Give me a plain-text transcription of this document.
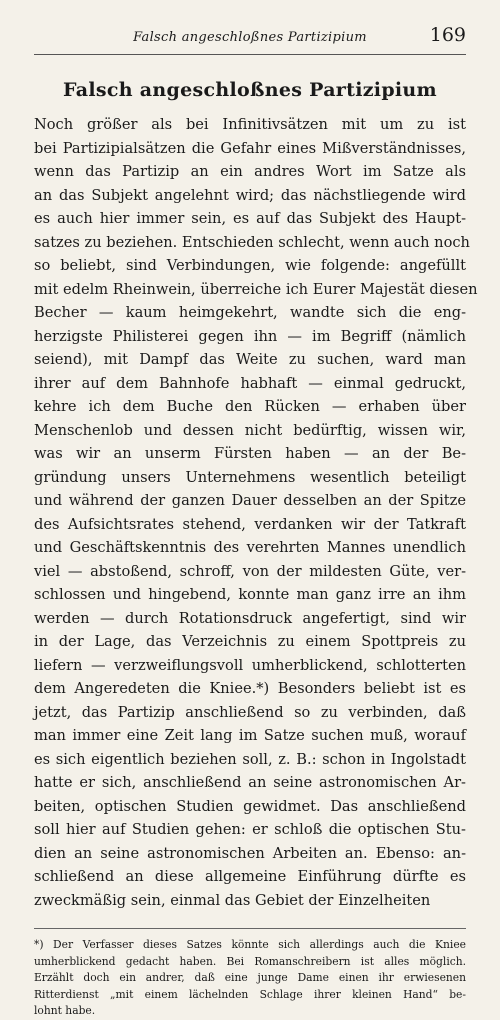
Falsch angeschloßnes Partizipium	169
Falsch angeschloßnes Partizipium
Noch größer als bei Infinitivsätzen mit um zu ist
bei Partizipialsätzen die Gefahr eines Mißverständnisses,
wenn das Partizip an ein andres Wort im Satze als
an das Subjekt angelehnt wird; das nächstliegende wird
es auch hier immer sein, es auf das Subjekt des Haupt-
satzes zu beziehen. Entschieden schlecht, wenn auch noch
so beliebt, sind Verbindungen, wie folgende: angefüllt
mit edelm Rheinwein, überreiche ich Eurer Majestät diesen
Becher — kaum heimgekehrt, wandte sich die eng-
herzigste Philisterei gegen ihn — im Begriff (nämlich
seiend), mit Dampf das Weite zu suchen, ward man
ihrer auf dem Bahnhofe habhaft — einmal gedruckt,
kehre ich dem Buche den Rücken — erhaben über
Menschenlob und dessen nicht bedürftig, wissen wir,
was wir an unserm Fürsten haben — an der Be-
gründung unsers Unternehmens wesentlich beteiligt
und während der ganzen Dauer desselben an der Spitze
des Aufsichtsrates stehend, verdanken wir der Tatkraft
und Geschäftskenntnis des verehrten Mannes unendlich
viel — abstoßend, schroff, von der mildesten Güte, ver-
schlossen und hingebend, konnte man ganz irre an ihm
werden — durch Rotationsdruck angefertigt, sind wir
in der Lage, das Verzeichnis zu einem Spottpreis zu
liefern — verzweiflungsvoll umherblickend, schlotterten
dem Angeredeten die Kniee.*) Besonders beliebt ist es
jetzt, das Partizip anschließend so zu verbinden, daß
man immer eine Zeit lang im Satze suchen muß, worauf
es sich eigentlich beziehen soll, z. B.: schon in Ingolstadt
hatte er sich, anschließend an seine astronomischen Ar-
beiten, optischen Studien gewidmet. Das anschließend
soll hier auf Studien gehen: er schloß die optischen Stu-
dien an seine astronomischen Arbeiten an. Ebenso: an-
schließend an diese allgemeine Einführung dürfte es
zweckmäßig sein, einmal das Gebiet der Einzelheiten
*) Der Verfasser dieses Satzes könnte sich allerdings auch die Kniee
umherblickend gedacht haben. Bei Romanschreibern ist alles möglich.
Erzählt doch ein andrer, daß eine junge Dame einen ihr erwiesenen
Ritterdienst „mit einem lächelnden Schlage ihrer kleinen Hand“ be-
lohnt habe.
